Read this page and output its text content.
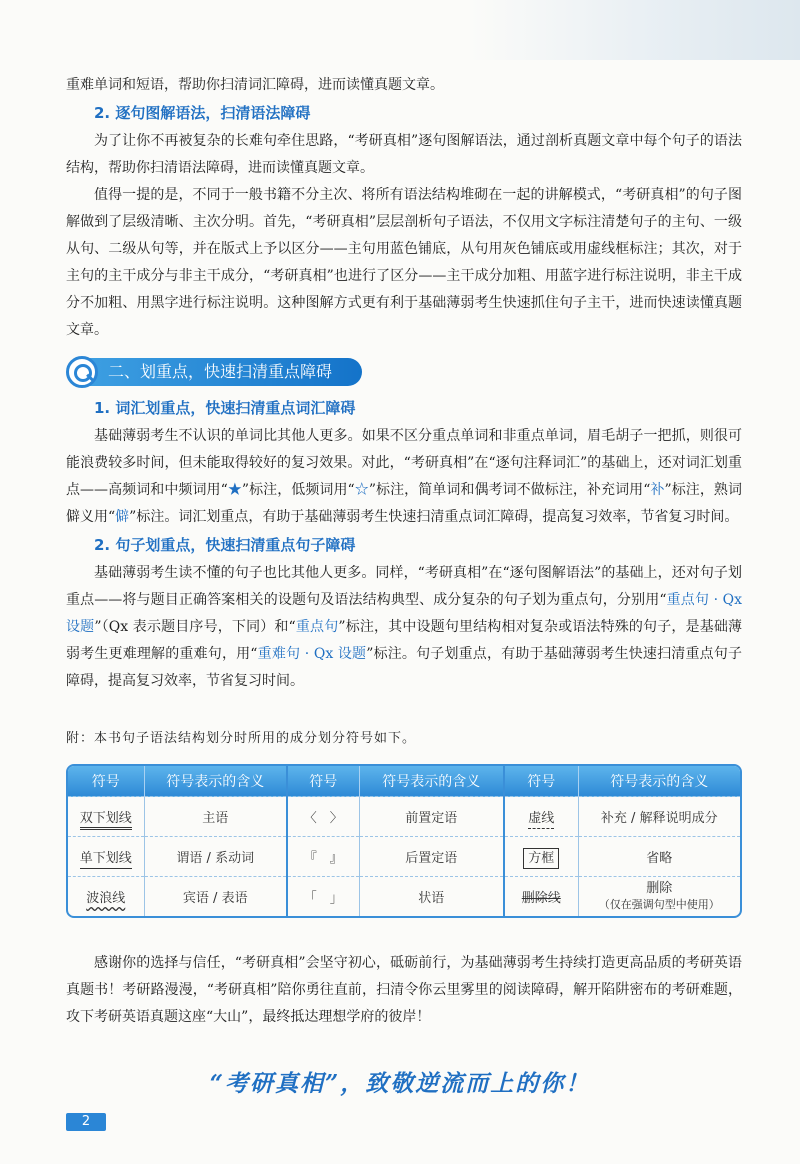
重难单词和短语，帮助你扫清词汇障碍，进而读懂真题文章。

2. 逐句图解语法，扫清语法障碍

为了让你不再被复杂的长难句牵住思路，“考研真相”逐句图解语法，通过剖析真题文章中每个句子的语法结构，帮助你扫清语法障碍，进而读懂真题文章。

值得一提的是，不同于一般书籍不分主次、将所有语法结构堆砌在一起的讲解模式，“考研真相”的句子图解做到了层级清晰、主次分明。首先，“考研真相”层层剖析句子语法，不仅用文字标注清楚句子的主句、一级从句、二级从句等，并在版式上予以区分——主句用蓝色铺底，从句用灰色铺底或用虚线框标注；其次，对于主句的主干成分与非主干成分，“考研真相”也进行了区分——主干成分加粗、用蓝字进行标注说明，非主干成分不加粗、用黑字进行标注说明。这种图解方式更有利于基础薄弱考生快速抓住句子主干，进而快速读懂真题文章。

二、划重点，快速扫清重点障碍
1. 词汇划重点，快速扫清重点词汇障碍

基础薄弱考生不认识的单词比其他人更多。如果不区分重点单词和非重点单词，眉毛胡子一把抓，则很可能浪费较多时间，但未能取得较好的复习效果。对此，“考研真相”在“逐句注释词汇”的基础上，还对词汇划重点——高频词和中频词用“★”标注，低频词用“☆”标注，简单词和偶考词不做标注，补充词用“补”标注，熟词僻义用“僻”标注。词汇划重点，有助于基础薄弱考生快速扫清重点词汇障碍，提高复习效率，节省复习时间。

2. 句子划重点，快速扫清重点句子障碍

基础薄弱考生读不懂的句子也比其他人更多。同样，“考研真相”在“逐句图解语法”的基础上，还对句子划重点——将与题目正确答案相关的设题句及语法结构典型、成分复杂的句子划为重点句，分别用“重点句 · Qx 设题”（Qx 表示题目序号，下同）和“重点句”标注，其中设题句里结构相对复杂或语法特殊的句子，是基础薄弱考生更难理解的重难句，用“重难句 · Qx 设题”标注。句子划重点，有助于基础薄弱考生快速扫清重点句子障碍，提高复习效率，节省复习时间。

附：本书句子语法结构划分时所用的成分划分符号如下。

符号	符号表示的含义	符号	符号表示的含义	符号	符号表示的含义
双下划线	主语	〈　〉	前置定语	虚线	补充 / 解释说明成分
单下划线	谓语 / 系动词	『　』	后置定语	方框	省略
波浪线	宾语 / 表语	「　」	状语	删除线	删除
（仅在强调句型中使用）

感谢你的选择与信任，“考研真相”会坚守初心，砥砺前行，为基础薄弱考生持续打造更高品质的考研英语真题书！考研路漫漫，“考研真相”陪你勇往直前，扫清令你云里雾里的阅读障碍，解开陷阱密布的考研难题，攻下考研英语真题这座“大山”，最终抵达理想学府的彼岸！

“考研真相”，致敬逆流而上的你！
2
